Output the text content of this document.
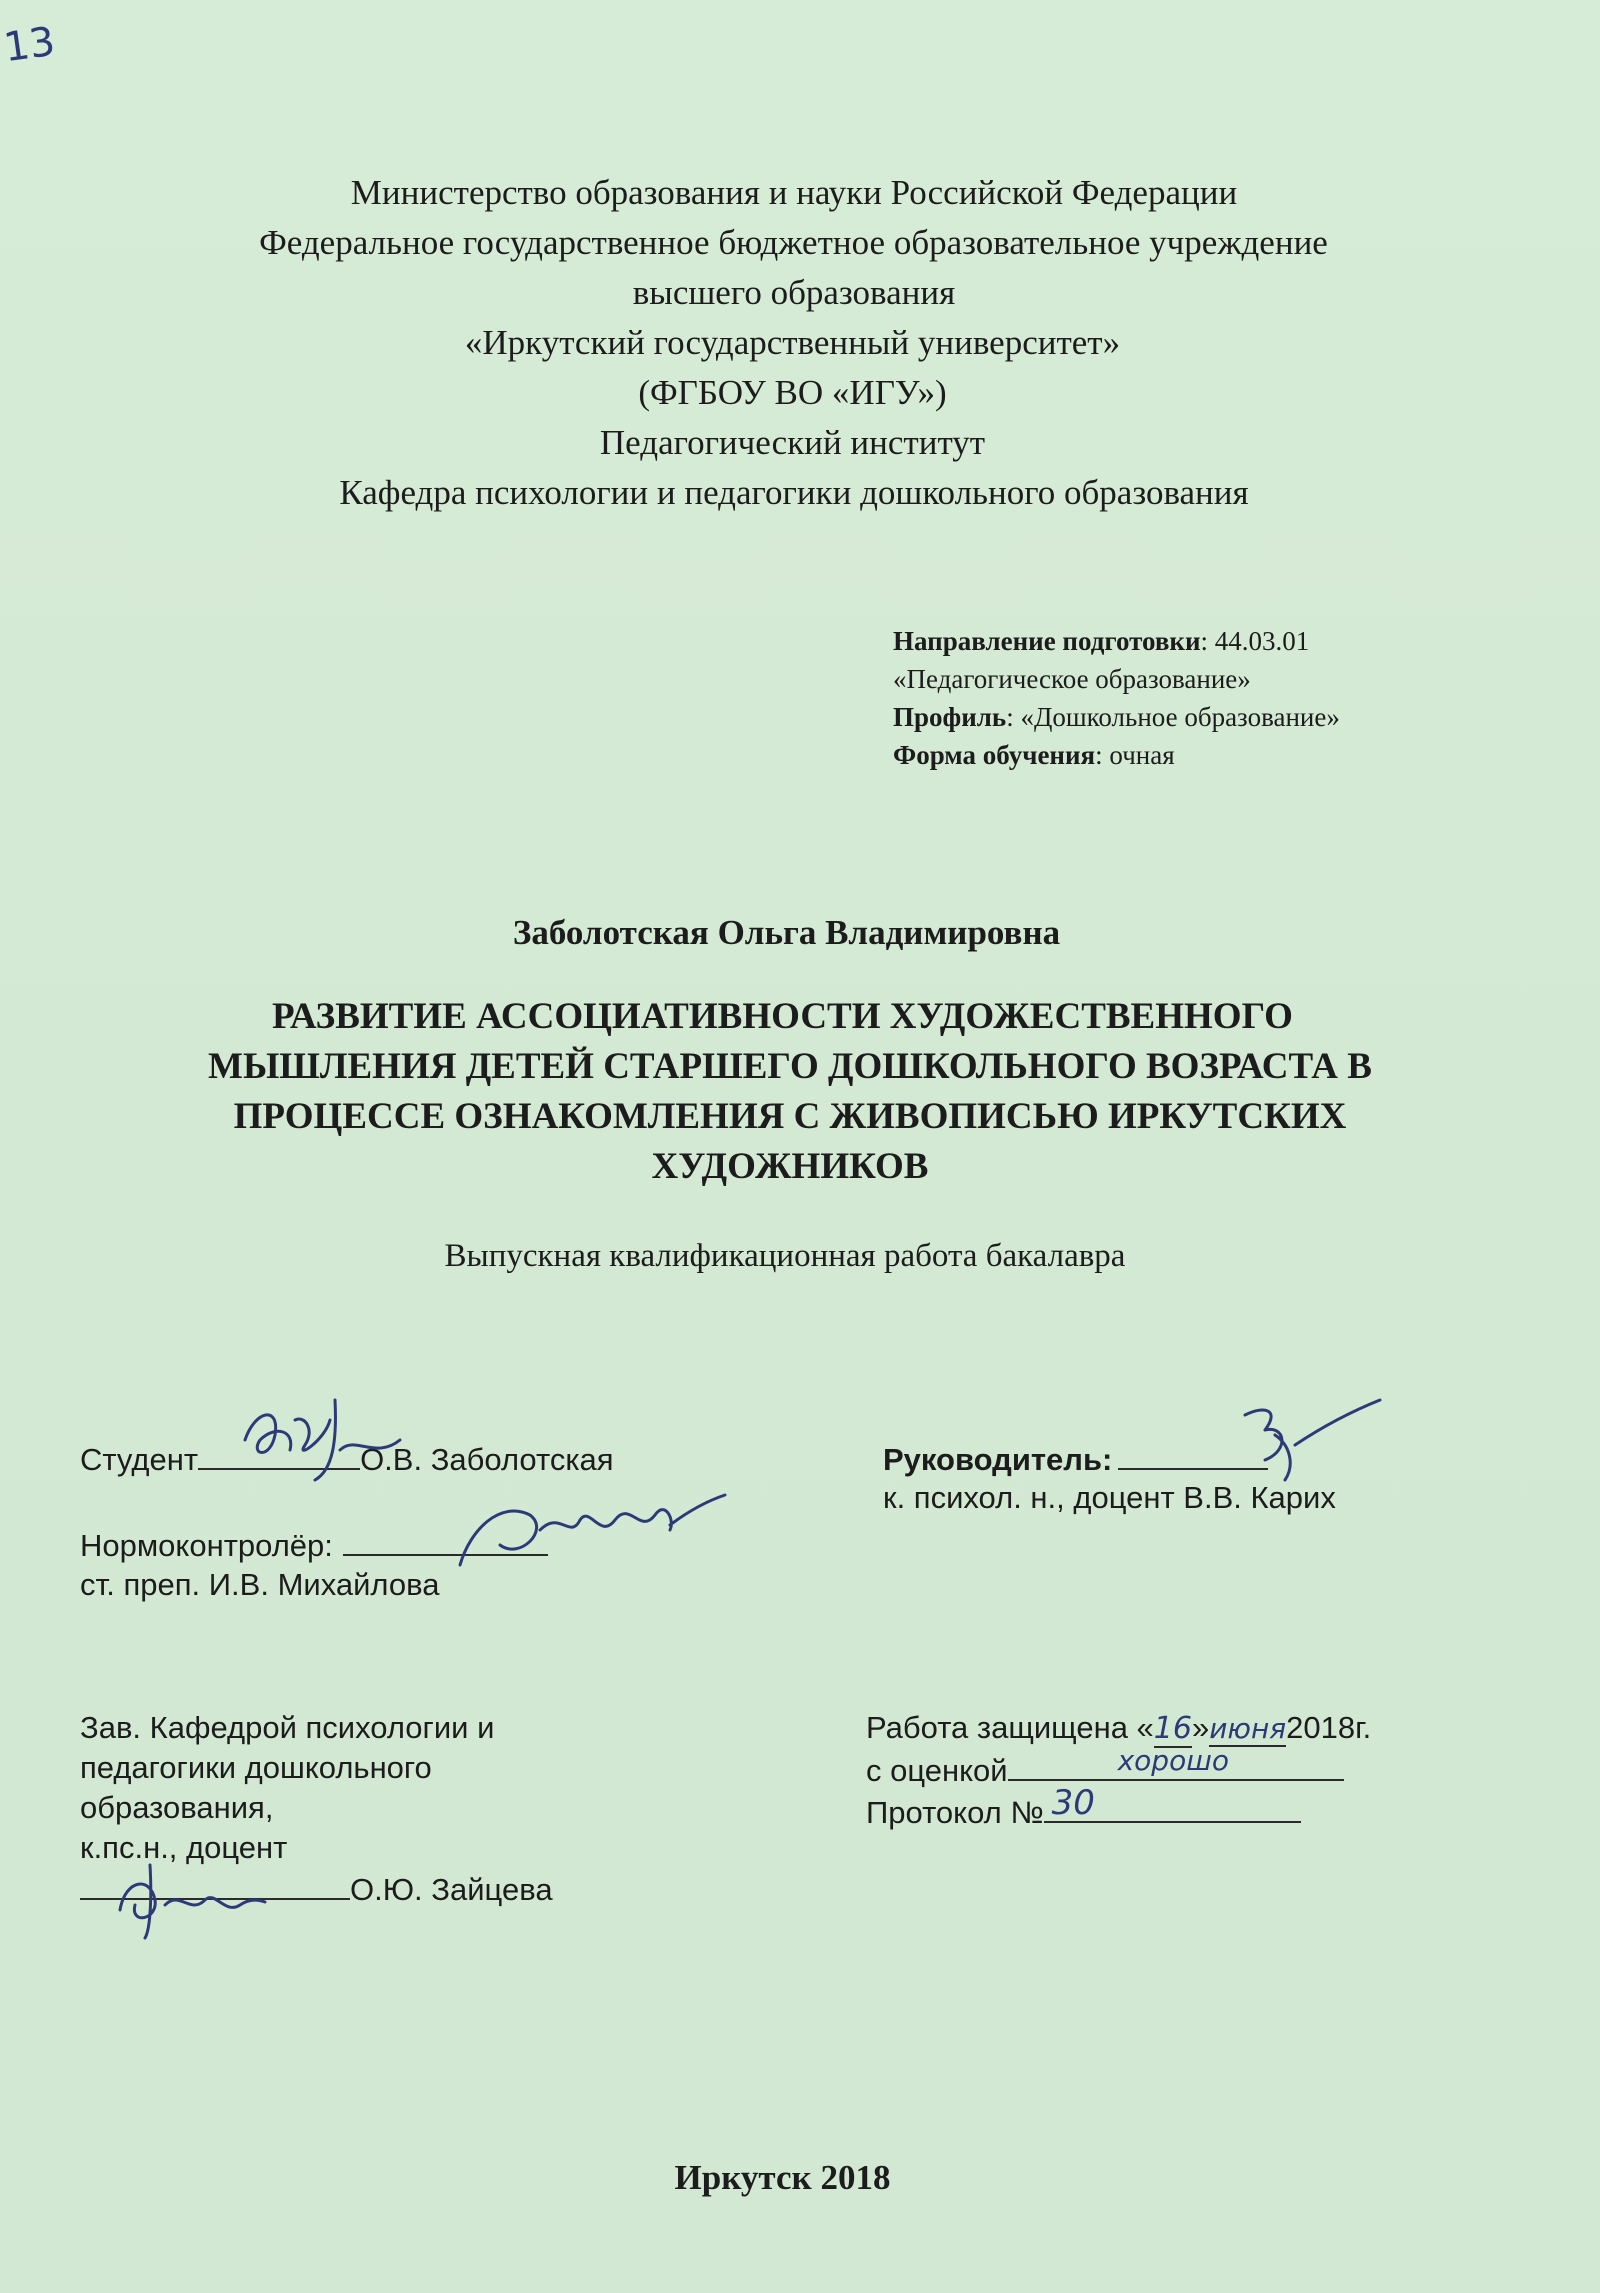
13
Министерство образования и науки Российской Федерации
Федеральное государственное бюджетное образовательное учреждение
высшего образования
«Иркутский государственный университет»
(ФГБОУ ВО «ИГУ»)
Педагогический институт
Кафедра психологии и педагогики дошкольного образования
Направление подготовки: 44.03.01
«Педагогическое образование»
Профиль: «Дошкольное образование»
Форма обучения: очная
Заболотская Ольга Владимировна
РАЗВИТИЕ АССОЦИАТИВНОСТИ ХУДОЖЕСТВЕННОГО
МЫШЛЕНИЯ ДЕТЕЙ СТАРШЕГО ДОШКОЛЬНОГО ВОЗРАСТА В
ПРОЦЕССЕ ОЗНАКОМЛЕНИЯ С ЖИВОПИСЬЮ ИРКУТСКИХ
ХУДОЖНИКОВ
Выпускная квалификационная работа бакалавра
Студент	О.В. Заболотская
Нормоконтролёр:
ст. преп. И.В. Михайлова
Руководитель:
к. психол. н., доцент В.В. Карих
Зав. Кафедрой психологии и
педагогики дошкольного
образования,
к.пс.н., доцент
О.Ю. Зайцева
Работа защищена «16»июня2018г.
с оценкой	хорошо
Протокол № 30
Иркутск 2018
